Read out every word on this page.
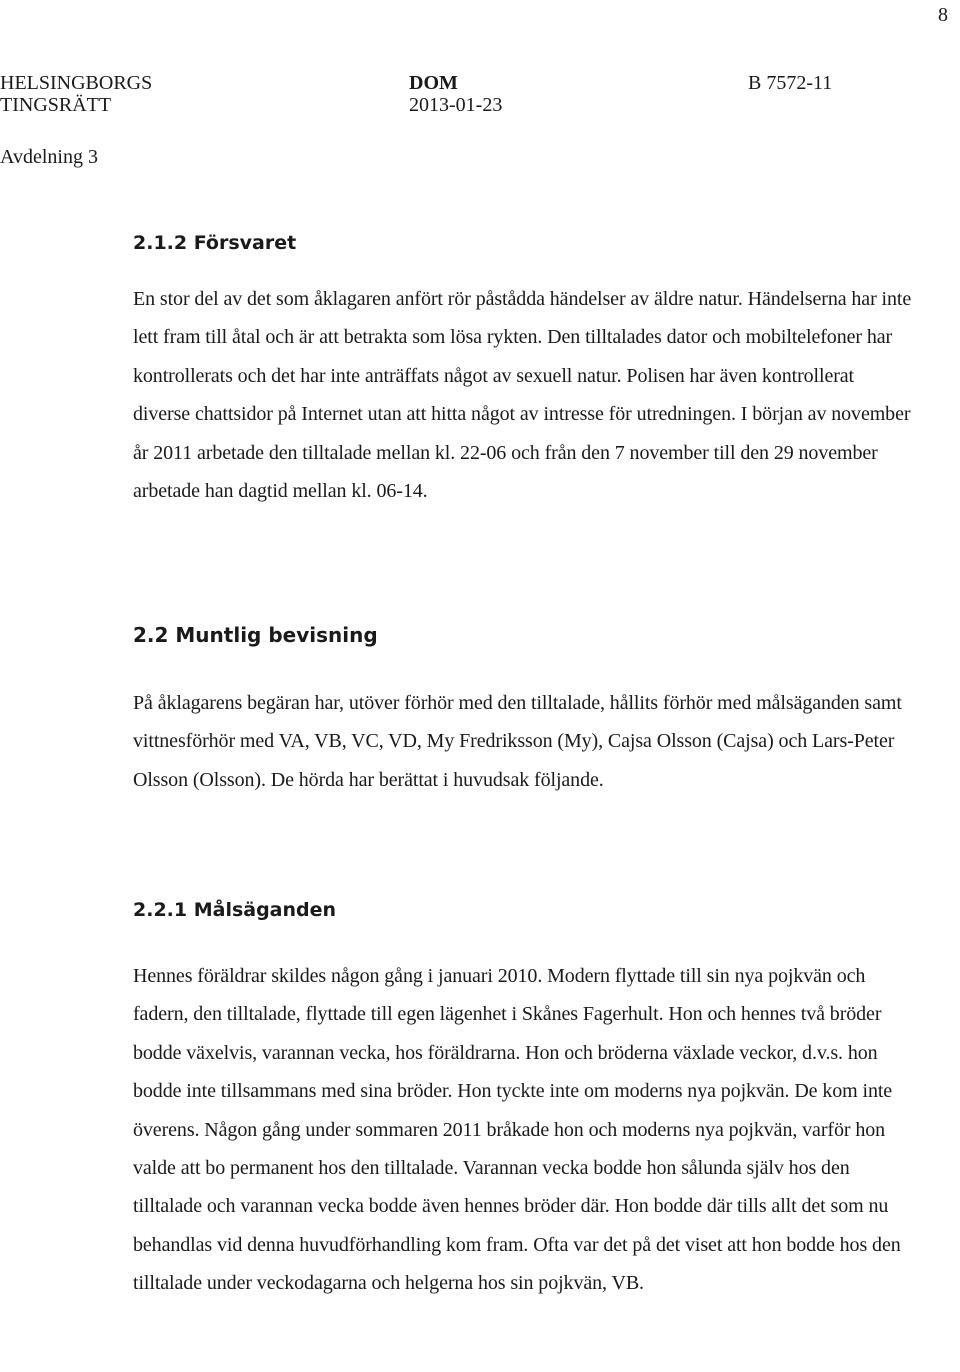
8
HELSINGBORGS
TINGSRÄTT
DOM
2013-01-23
B 7572-11
Avdelning 3
2.1.2 Försvaret

En stor del av det som åklagaren anfört rör påstådda händelser av äldre natur. Händelserna har inte lett fram till åtal och är att betrakta som lösa rykten. Den tilltalades dator och mobiltelefoner har kontrollerats och det har inte anträffats något av sexuell natur. Polisen har även kontrollerat diverse chattsidor på Internet utan att hitta något av intresse för utredningen. I början av november år 2011 arbetade den tilltalade mellan kl. 22-06 och från den 7 november till den 29 november arbetade han dagtid mellan kl. 06-14.

2.2 Muntlig bevisning

På åklagarens begäran har, utöver förhör med den tilltalade, hållits förhör med målsäganden samt vittnesförhör med VA, VB, VC, VD, My Fredriksson (My), Cajsa Olsson (Cajsa) och Lars-Peter Olsson (Olsson). De hörda har berättat i huvudsak följande.

2.2.1 Målsäganden

Hennes föräldrar skildes någon gång i januari 2010. Modern flyttade till sin nya pojkvän och fadern, den tilltalade, flyttade till egen lägenhet i Skånes Fagerhult. Hon och hennes två bröder bodde växelvis, varannan vecka, hos föräldrarna. Hon och bröderna växlade veckor, d.v.s. hon bodde inte tillsammans med sina bröder. Hon tyckte inte om moderns nya pojkvän. De kom inte överens. Någon gång under sommaren 2011 bråkade hon och moderns nya pojkvän, varför hon valde att bo permanent hos den tilltalade. Varannan vecka bodde hon sålunda själv hos den tilltalade och varannan vecka bodde även hennes bröder där. Hon bodde där tills allt det som nu behandlas vid denna huvudförhandling kom fram. Ofta var det på det viset att hon bodde hos den tilltalade under veckodagarna och helgerna hos sin pojkvän, VB.
